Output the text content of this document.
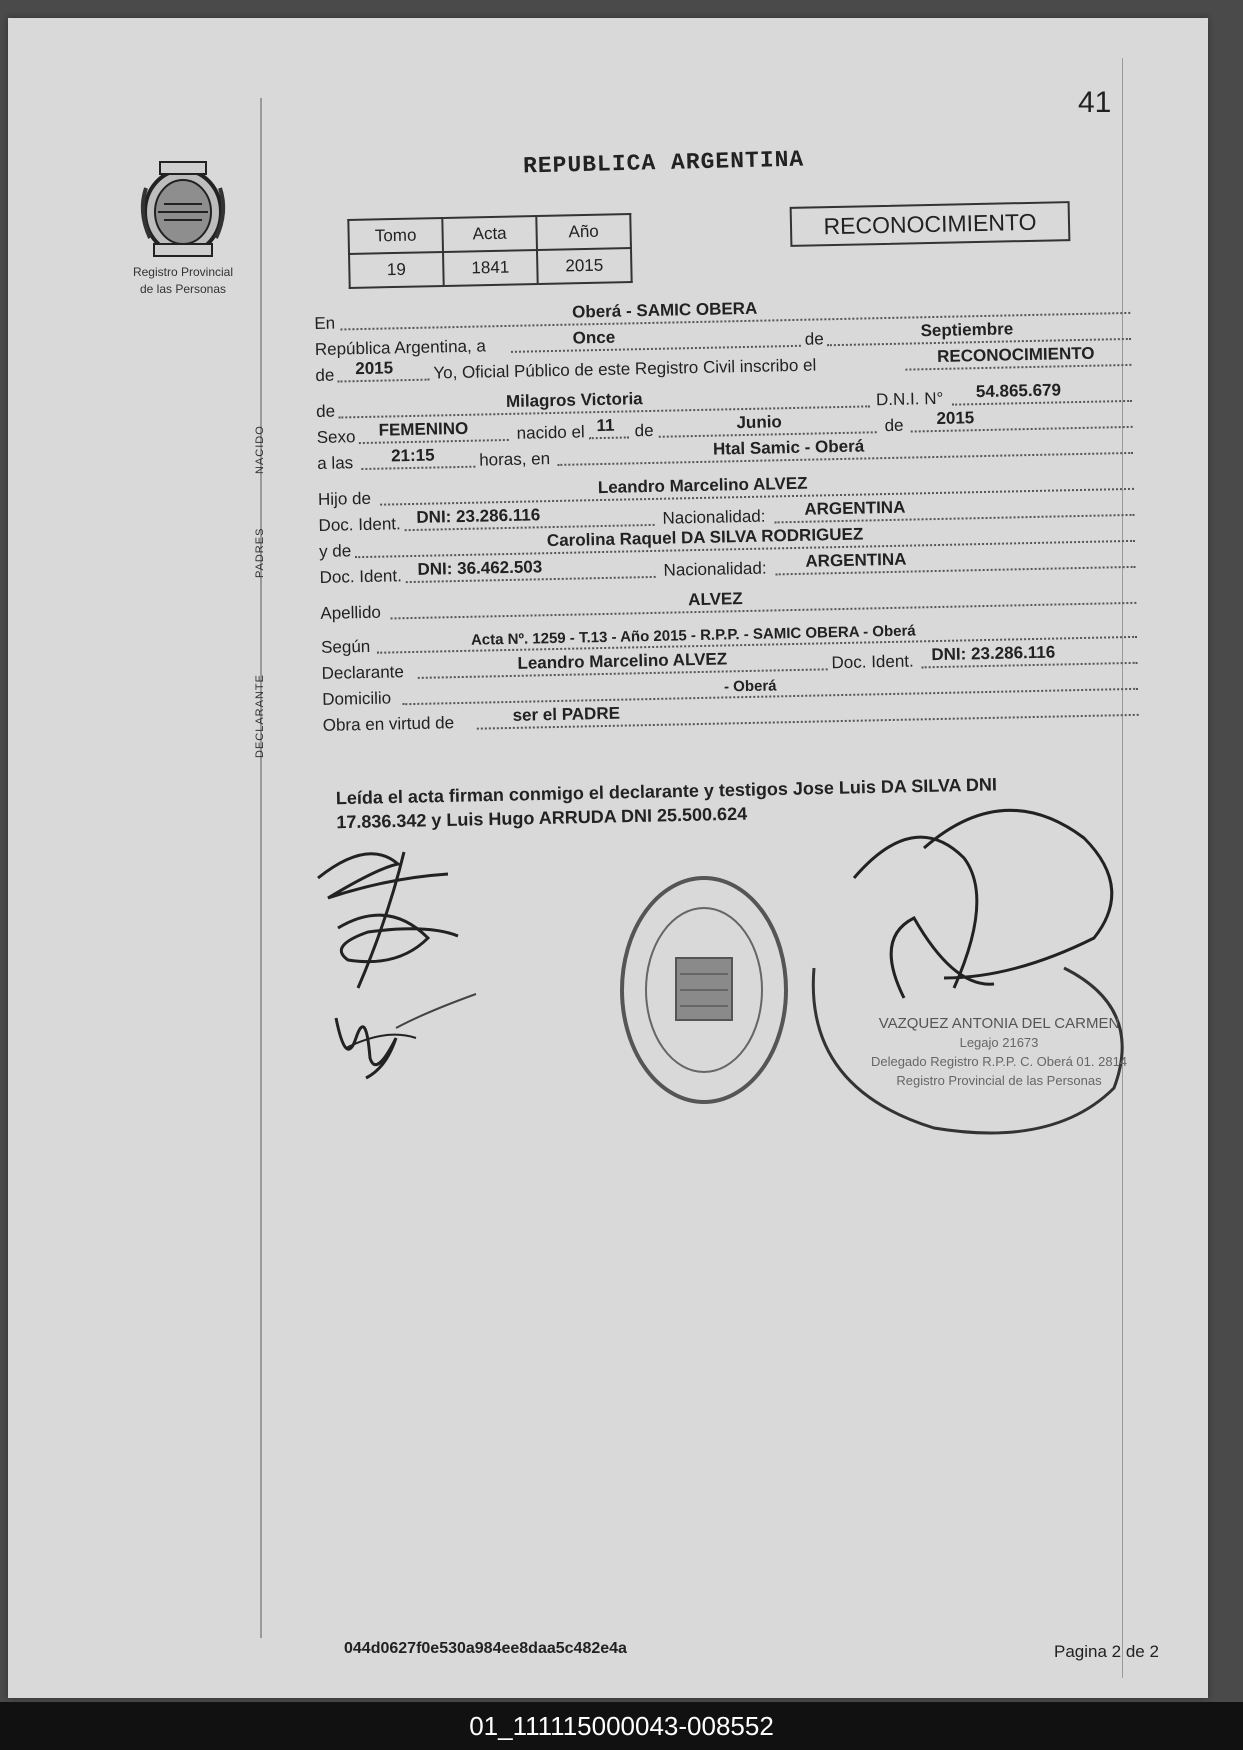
41
Registro Provincial
de las Personas
REPUBLICA ARGENTINA
Tomo	Acta	Año
19	1841	2015
RECONOCIMIENTO
NACIDO
PADRES
DECLARANTE
En
Oberá - SAMIC OBERA
República Argentina, a	Once	de	Septiembre
de 2015 Yo, Oficial Público de este Registro Civil inscribo el
RECONOCIMIENTO
de
Milagros Victoria	D.N.I. N° 54.865.679
Sexo FEMENINO	nacido el 11 de	Junio	de 2015
a las 21:15	horas, en
Htal Samic - Oberá
Hijo de
Leandro Marcelino ALVEZ
Doc. Ident. DNI: 23.286.116	Nacionalidad: ARGENTINA
y de
Carolina Raquel DA SILVA RODRIGUEZ
Doc. Ident. DNI: 36.462.503	Nacionalidad: ARGENTINA
Apellido
ALVEZ
Según	Acta Nº. 1259 - T.13 - Año 2015 - R.P.P. - SAMIC OBERA - Oberá
Declarante	Leandro Marcelino ALVEZ	Doc. Ident. DNI: 23.286.116
Domicilio
- Oberá
Obra en virtud de	ser el PADRE
Leída el acta firman conmigo el declarante y testigos Jose Luis DA SILVA DNI
17.836.342 y Luis Hugo ARRUDA DNI 25.500.624
VAZQUEZ ANTONIA DEL CARMEN
Legajo 21673
Delegado Registro R.P.P. C. Oberá 01. 2814
Registro Provincial de las Personas
044d0627f0e530a984ee8daa5c482e4a	Pagina 2 de 2
01_111115000043-008552
